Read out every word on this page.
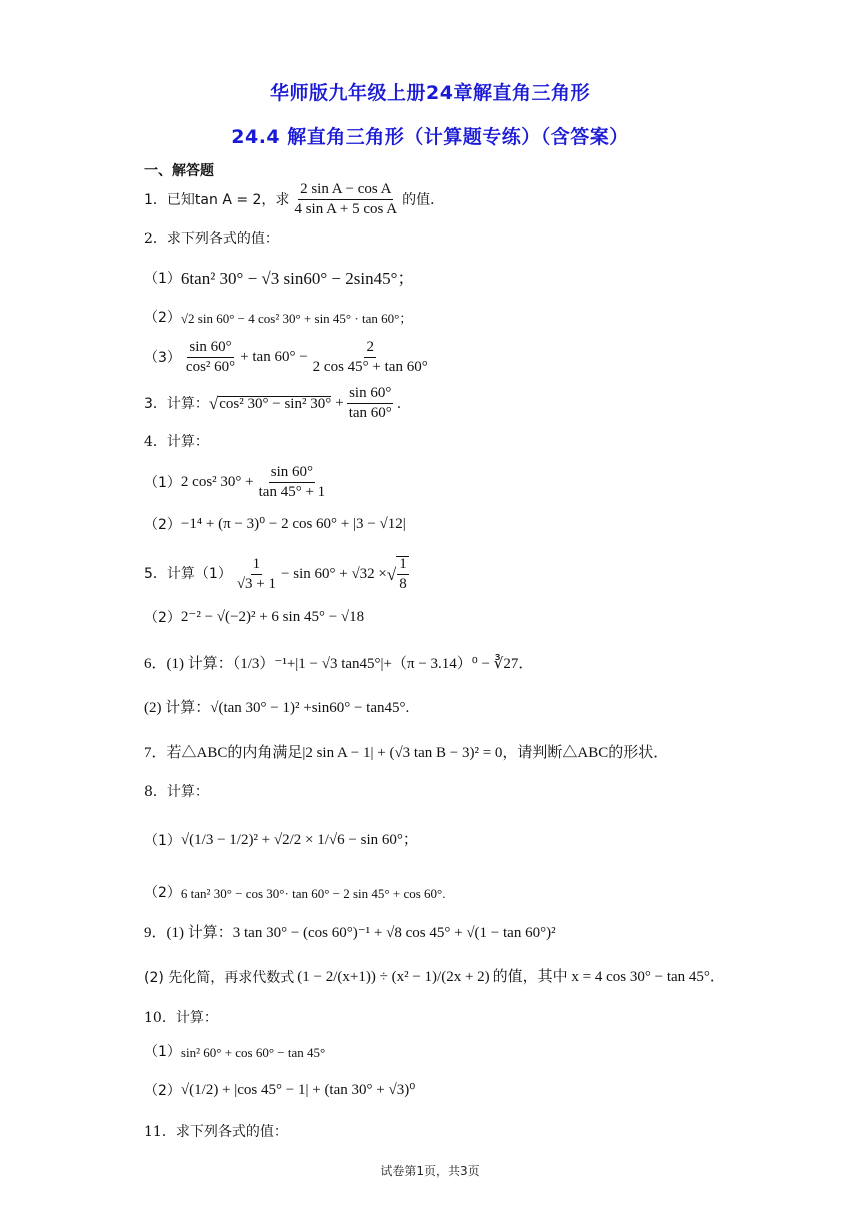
华师版九年级上册24章解直角三角形
24.4 解直角三角形（计算题专练）（含答案）
一、解答题
1． 已知tan A = 2，求 $\frac{\text{2 sin A − cos A}}{\text{4 sin A + 5 cos A}}$ 的值．
2．求下列各式的值：
（1） 6tan² 30° − √3 sin60° − 2sin45°；
（2） √2 sin 60° − 4 cos² 30° + sin 45° · tan 60°；
$(3) \frac{\sin 60^\circ}{\text{cos² 60°}} + \tan 60^\circ - \frac{2}{2 \cos 45^\circ + \tan 60^\circ}$
3．计算： √ cos² 30° − sin² $30^\circ + \frac{\sin 60^\circ}{\tan 60^\circ}$ .
4．计算：
（1） 2 cos² $30^\circ + \frac{\sin 60^\circ}{\tan 45^\circ + 1}$
（2） −1⁴ + (π − 3)⁰ − 2 cos 60° + |3 − √12|
5．计算$(1) \frac{1}{√3 + 1} - \sin 60^\circ + √32$ × √ $\frac{1}{8}$
（2） 2⁻² − √(−2)² + 6 sin 45° − √18
6．(1) 计算：（1/3）⁻¹+|1 − √3 tan45°|+（π − 3.14）⁰ − ∛27．
(2) 计算：√(tan 30° − 1)² +sin60° − tan45°.
7．若△ABC的内角满足|2 sin A − 1| + (√3 tan B − 3)² = 0，请判断△ABC的形状．
8．计算：
（1） √(1/3 − 1/2)² + √2/2 × 1/√6 − sin 60°；
（2） 6 tan² 30° − cos 30°· tan 60° − 2 sin 45° + cos 60°.
9．(1) 计算：3 tan 30° − (cos 60°)⁻¹ + √8 cos 45° + √(1 − tan 60°)²
(2) 先化简，再求代数式 (1 − 2/(x+1)) ÷ (x² − 1)/(2x + 2) 的值，其中 x = 4 cos 30° − tan 45°．
10．计算：
（1） sin² 60° + cos 60° − tan 45°
（2） √(1/2) + |cos 45° − 1| + (tan 30° + √3)⁰
11．求下列各式的值：
试卷第1页，共3页
